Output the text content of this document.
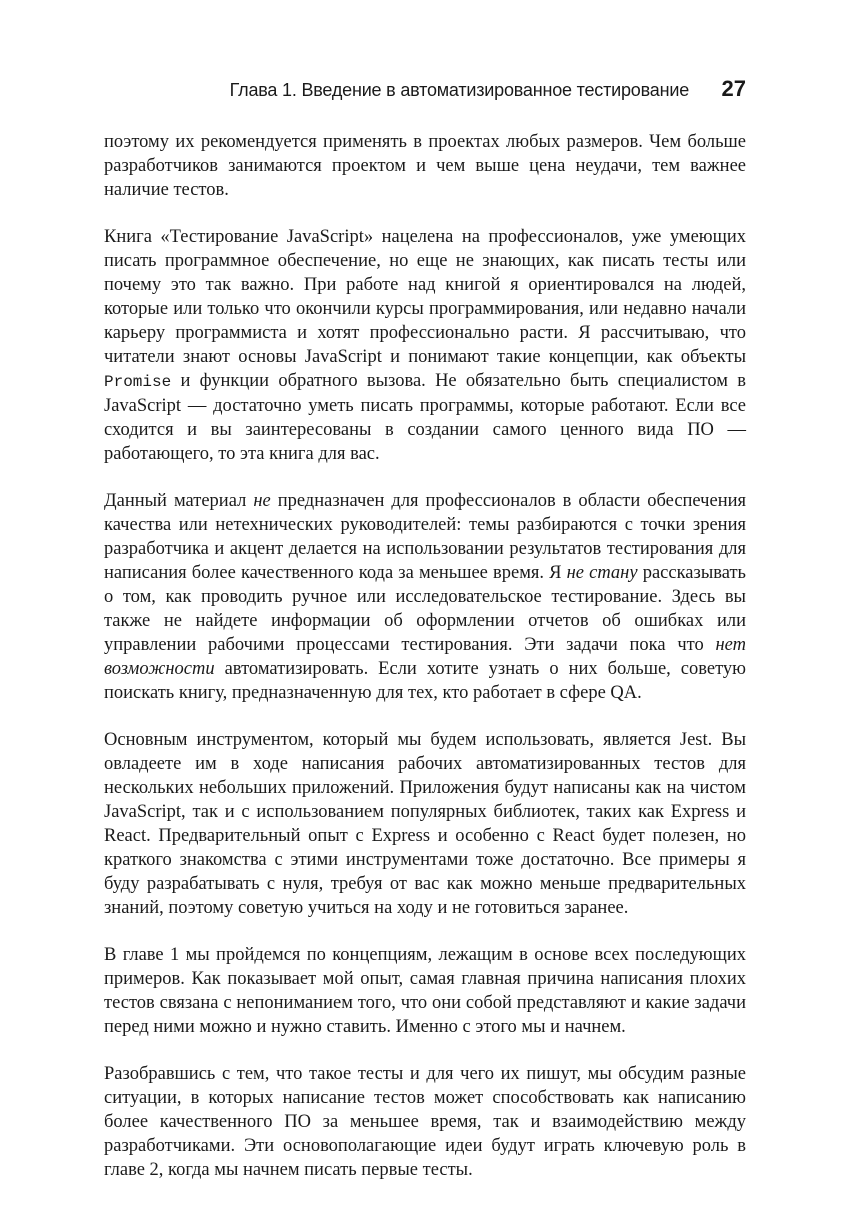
Глава 1. Введение в автоматизированное тестирование 27

поэтому их рекомендуется применять в проектах любых размеров. Чем больше разработчиков занимаются проектом и чем выше цена неудачи, тем важнее наличие тестов.

Книга «Тестирование JavaScript» нацелена на профессионалов, уже умеющих писать программное обеспечение, но еще не знающих, как писать тесты или почему это так важно. При работе над книгой я ориентировался на людей, которые или только что окончили курсы программирования, или недавно начали карьеру программиста и хотят профессионально расти. Я рассчитываю, что читатели знают основы JavaScript и понимают такие концепции, как объекты Promise и функции обратного вызова. Не обязательно быть специалистом в JavaScript — достаточно уметь писать программы, которые работают. Если все сходится и вы заинтересованы в создании самого ценного вида ПО — работающего, то эта книга для вас.

Данный материал не предназначен для профессионалов в области обеспечения качества или нетехнических руководителей: темы разбираются с точки зрения разработчика и акцент делается на использовании результатов тестирования для написания более качественного кода за меньшее время. Я не стану рассказывать о том, как проводить ручное или исследовательское тестирование. Здесь вы также не найдете информации об оформлении отчетов об ошибках или управлении рабочими процессами тестирования. Эти задачи пока что нет возможности автоматизировать. Если хотите узнать о них больше, советую поискать книгу, предназначенную для тех, кто работает в сфере QA.

Основным инструментом, который мы будем использовать, является Jest. Вы овладеете им в ходе написания рабочих автоматизированных тестов для нескольких небольших приложений. Приложения будут написаны как на чистом JavaScript, так и с использованием популярных библиотек, таких как Express и React. Предварительный опыт с Express и особенно с React будет полезен, но краткого знакомства с этими инструментами тоже достаточно. Все примеры я буду разрабатывать с нуля, требуя от вас как можно меньше предварительных знаний, поэтому советую учиться на ходу и не готовиться заранее.

В главе 1 мы пройдемся по концепциям, лежащим в основе всех последующих примеров. Как показывает мой опыт, самая главная причина написания плохих тестов связана с непониманием того, что они собой представляют и какие задачи перед ними можно и нужно ставить. Именно с этого мы и начнем.

Разобравшись с тем, что такое тесты и для чего их пишут, мы обсудим разные ситуации, в которых написание тестов может способствовать как написанию более качественного ПО за меньшее время, так и взаимодействию между разработчиками. Эти основополагающие идеи будут играть ключевую роль в главе 2, когда мы начнем писать первые тесты.
